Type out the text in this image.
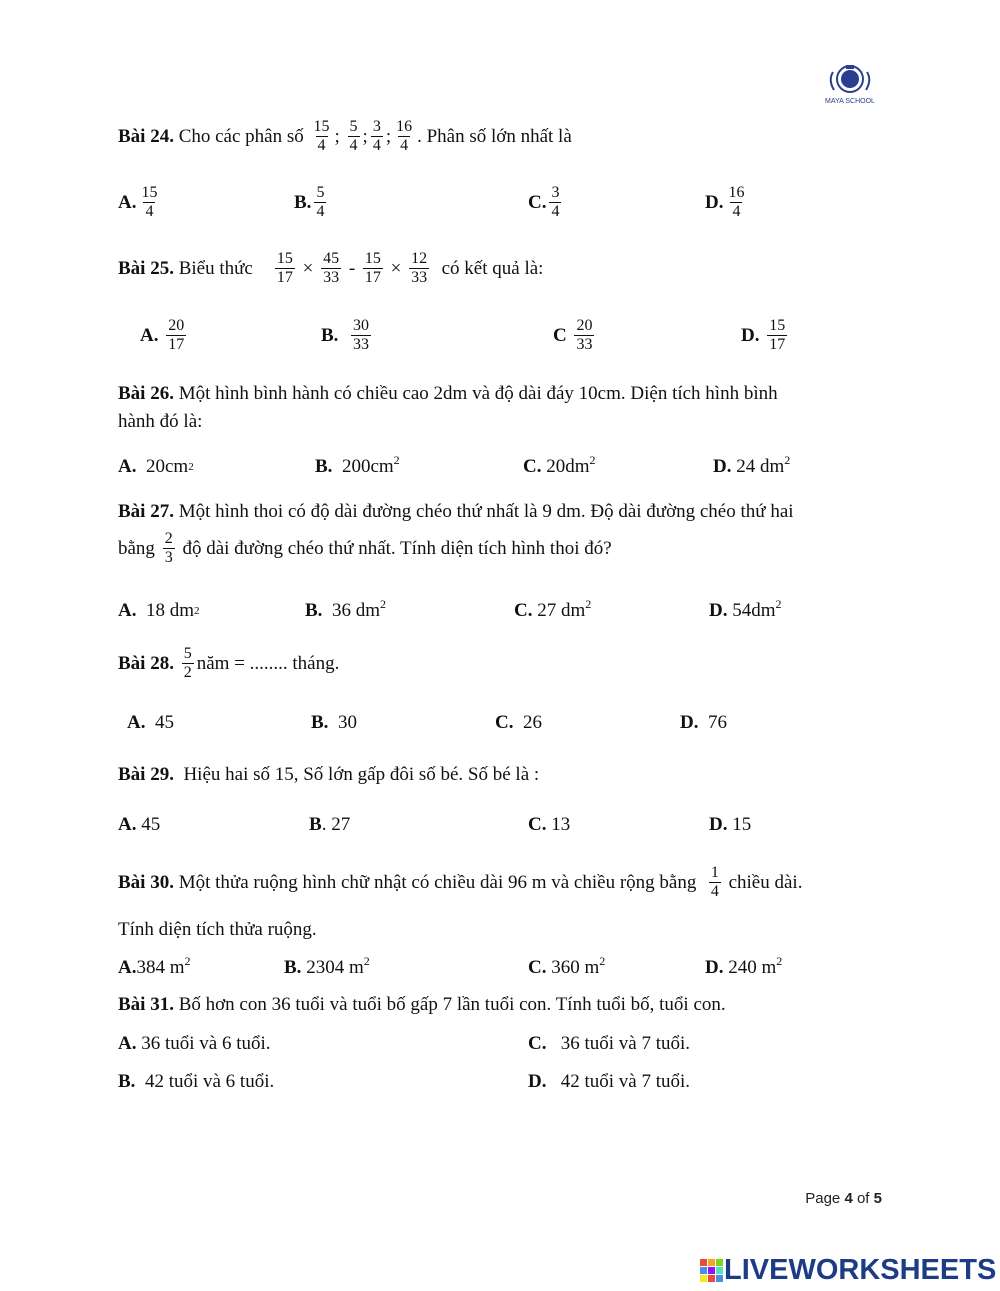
MAYA SCHOOL
Bài 24.
Cho các phân số
$\frac{15}{4}$ ;
$\frac{5}{4}$ ; $\frac{3}{4}$ ; $\frac{16}{4}$ . Phân số lớn nhất là
A. $\frac{15}{4}$	B. $\frac{5}{4}$	C. $\frac{3}{4}$	D. $\frac{16}{4}$
Bài 25.
Biểu thức
$\frac{15}{17}$
×
$\frac{45}{33}$
-
$\frac{15}{17}$
×
$\frac{12}{33}$
có kết quả là:
A.
$\frac{20}{17}$	B.
$\frac{30}{33}$	C
$\frac{20}{33}$	D.
$\frac{15}{17}$
Bài 26. Một hình bình hành có chiều cao 2dm và độ dài đáy 10cm. Diện tích hình bình
hành đó là:
A. $20cm^2$	B. $200cm^2$	C. $20dm^2$	D. 24 $dm^2$
Bài 27. Một hình thoi có độ dài đường chéo thứ nhất là 9 dm. Độ dài đường chéo thứ hai
bằng
$\frac{2}{3}$
độ dài đường chéo thứ nhất. Tính diện tích hình thoi đó?
A. 18 $dm^2$	B. 36 $dm^2$	C. 27 $dm^2$	D. $54dm^2$
Bài 28.
$\frac{5}{2}$ năm = ........ tháng.
A. 45	B. 30	C. 26	D. 76
Bài 29. Hiệu hai số 15, Số lớn gấp đôi số bé. Số bé là :
A. 45	B. 27	C. 13	D. 15
Bài 30.
Một thửa ruộng hình chữ nhật có chiều dài 96 m và chiều rộng bằng
$\frac{1}{4}$
chiều dài.
Tính diện tích thửa ruộng.
A.384 $m^2$	B. 2304 $m^2$	C. 360 $m^2$	D. 240 $m^2$
Bài 31. Bố hơn con 36 tuổi và tuổi bố gấp 7 lần tuổi con. Tính tuổi bố, tuổi con.
A. 36 tuổi và 6 tuổi.	C. 36 tuổi và 7 tuổi.
B. 42 tuổi và 6 tuổi.	D. 42 tuổi và 7 tuổi.
Page 4 of 5
LIVEWORKSHEETS
